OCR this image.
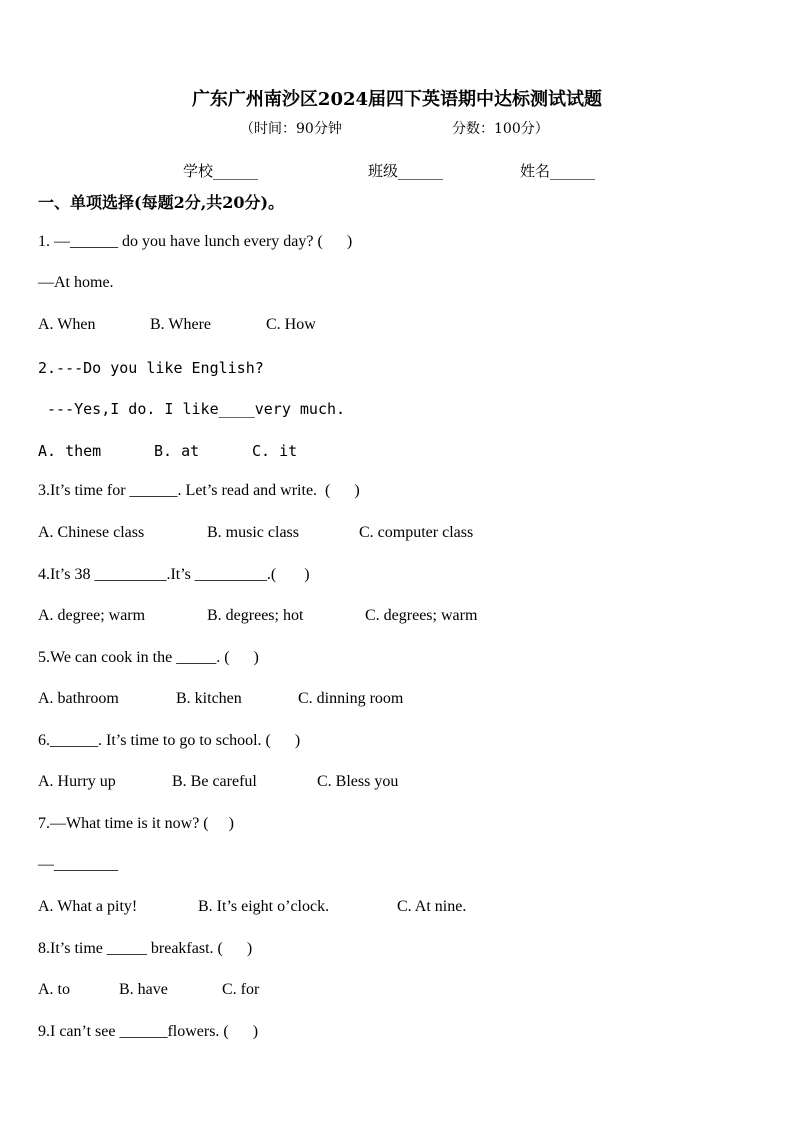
广东广州南沙区2024届四下英语期中达标测试试题
（时间：90分钟	分数：100分）
学校______	班级______	姓名______
一、单项选择(每题2分,共20分)。
1. —______ do you have lunch every day? (      )
—At home.
A. When	B. Where	C. How
2.---Do you like English?
---Yes,I do. I like____very much.
A. them	B. at	C. it
3.It’s time for ______. Let’s read and write.  (      )
A. Chinese class	B. music class	C. computer class
4.It’s 38 _________.It’s _________.(       )
A. degree; warm	B. degrees; hot	C. degrees; warm
5.We can cook in the _____. (      )
A. bathroom	B. kitchen	C. dinning room
6.______. It’s time to go to school. (      )
A. Hurry up	B. Be careful	C. Bless you
7.—What time is it now? (     )
—________
A. What a pity!	B. It’s eight o’clock.	C. At nine.
8.It’s time _____ breakfast. (      )
A. to	B. have	C. for
9.I can’t see ______flowers. (      )
